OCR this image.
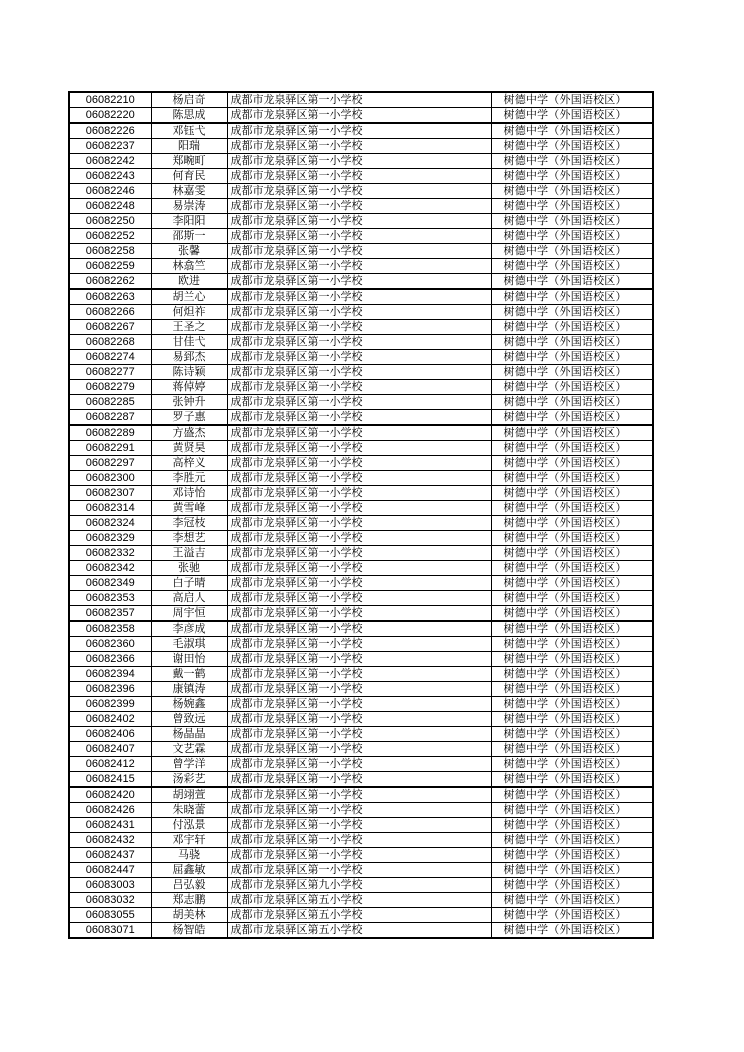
06082210	杨启奇	成都市龙泉驿区第一小学校	树德中学（外国语校区）
06082220	陈思成	成都市龙泉驿区第一小学校	树德中学（外国语校区）
06082226	邓钰弋	成都市龙泉驿区第一小学校	树德中学（外国语校区）
06082237	阳瑞	成都市龙泉驿区第一小学校	树德中学（外国语校区）
06082242	郑畹町	成都市龙泉驿区第一小学校	树德中学（外国语校区）
06082243	何育民	成都市龙泉驿区第一小学校	树德中学（外国语校区）
06082246	林嘉雯	成都市龙泉驿区第一小学校	树德中学（外国语校区）
06082248	易崇涛	成都市龙泉驿区第一小学校	树德中学（外国语校区）
06082250	李阳阳	成都市龙泉驿区第一小学校	树德中学（外国语校区）
06082252	邵斯一	成都市龙泉驿区第一小学校	树德中学（外国语校区）
06082258	张馨	成都市龙泉驿区第一小学校	树德中学（外国语校区）
06082259	林翕竺	成都市龙泉驿区第一小学校	树德中学（外国语校区）
06082262	欧进	成都市龙泉驿区第一小学校	树德中学（外国语校区）
06082263	胡兰心	成都市龙泉驿区第一小学校	树德中学（外国语校区）
06082266	何炟祚	成都市龙泉驿区第一小学校	树德中学（外国语校区）
06082267	王圣之	成都市龙泉驿区第一小学校	树德中学（外国语校区）
06082268	甘佳弋	成都市龙泉驿区第一小学校	树德中学（外国语校区）
06082274	易郅杰	成都市龙泉驿区第一小学校	树德中学（外国语校区）
06082277	陈诗颖	成都市龙泉驿区第一小学校	树德中学（外国语校区）
06082279	蒋倬婷	成都市龙泉驿区第一小学校	树德中学（外国语校区）
06082285	张钟升	成都市龙泉驿区第一小学校	树德中学（外国语校区）
06082287	罗子惠	成都市龙泉驿区第一小学校	树德中学（外国语校区）
06082289	方盛杰	成都市龙泉驿区第一小学校	树德中学（外国语校区）
06082291	黄贤昊	成都市龙泉驿区第一小学校	树德中学（外国语校区）
06082297	高梓义	成都市龙泉驿区第一小学校	树德中学（外国语校区）
06082300	李胜元	成都市龙泉驿区第一小学校	树德中学（外国语校区）
06082307	邓诗怡	成都市龙泉驿区第一小学校	树德中学（外国语校区）
06082314	黄雪峰	成都市龙泉驿区第一小学校	树德中学（外国语校区）
06082324	李冠枝	成都市龙泉驿区第一小学校	树德中学（外国语校区）
06082329	李想艺	成都市龙泉驿区第一小学校	树德中学（外国语校区）
06082332	王溢吉	成都市龙泉驿区第一小学校	树德中学（外国语校区）
06082342	张驰	成都市龙泉驿区第一小学校	树德中学（外国语校区）
06082349	白子晴	成都市龙泉驿区第一小学校	树德中学（外国语校区）
06082353	高启人	成都市龙泉驿区第一小学校	树德中学（外国语校区）
06082357	周宇恒	成都市龙泉驿区第一小学校	树德中学（外国语校区）
06082358	李彦成	成都市龙泉驿区第一小学校	树德中学（外国语校区）
06082360	毛淑琪	成都市龙泉驿区第一小学校	树德中学（外国语校区）
06082366	谢田怡	成都市龙泉驿区第一小学校	树德中学（外国语校区）
06082394	戴一鹤	成都市龙泉驿区第一小学校	树德中学（外国语校区）
06082396	康镇涛	成都市龙泉驿区第一小学校	树德中学（外国语校区）
06082399	杨婉鑫	成都市龙泉驿区第一小学校	树德中学（外国语校区）
06082402	曾致远	成都市龙泉驿区第一小学校	树德中学（外国语校区）
06082406	杨晶晶	成都市龙泉驿区第一小学校	树德中学（外国语校区）
06082407	文艺霖	成都市龙泉驿区第一小学校	树德中学（外国语校区）
06082412	曾学洋	成都市龙泉驿区第一小学校	树德中学（外国语校区）
06082415	汤彩艺	成都市龙泉驿区第一小学校	树德中学（外国语校区）
06082420	胡翊萱	成都市龙泉驿区第一小学校	树德中学（外国语校区）
06082426	朱晓蕾	成都市龙泉驿区第一小学校	树德中学（外国语校区）
06082431	付泓景	成都市龙泉驿区第一小学校	树德中学（外国语校区）
06082432	邓宇轩	成都市龙泉驿区第一小学校	树德中学（外国语校区）
06082437	马骁	成都市龙泉驿区第一小学校	树德中学（外国语校区）
06082447	屈鑫敏	成都市龙泉驿区第一小学校	树德中学（外国语校区）
06083003	吕弘毅	成都市龙泉驿区第九小学校	树德中学（外国语校区）
06083032	郑志鹏	成都市龙泉驿区第五小学校	树德中学（外国语校区）
06083055	胡美林	成都市龙泉驿区第五小学校	树德中学（外国语校区）
06083071	杨智皓	成都市龙泉驿区第五小学校	树德中学（外国语校区）
